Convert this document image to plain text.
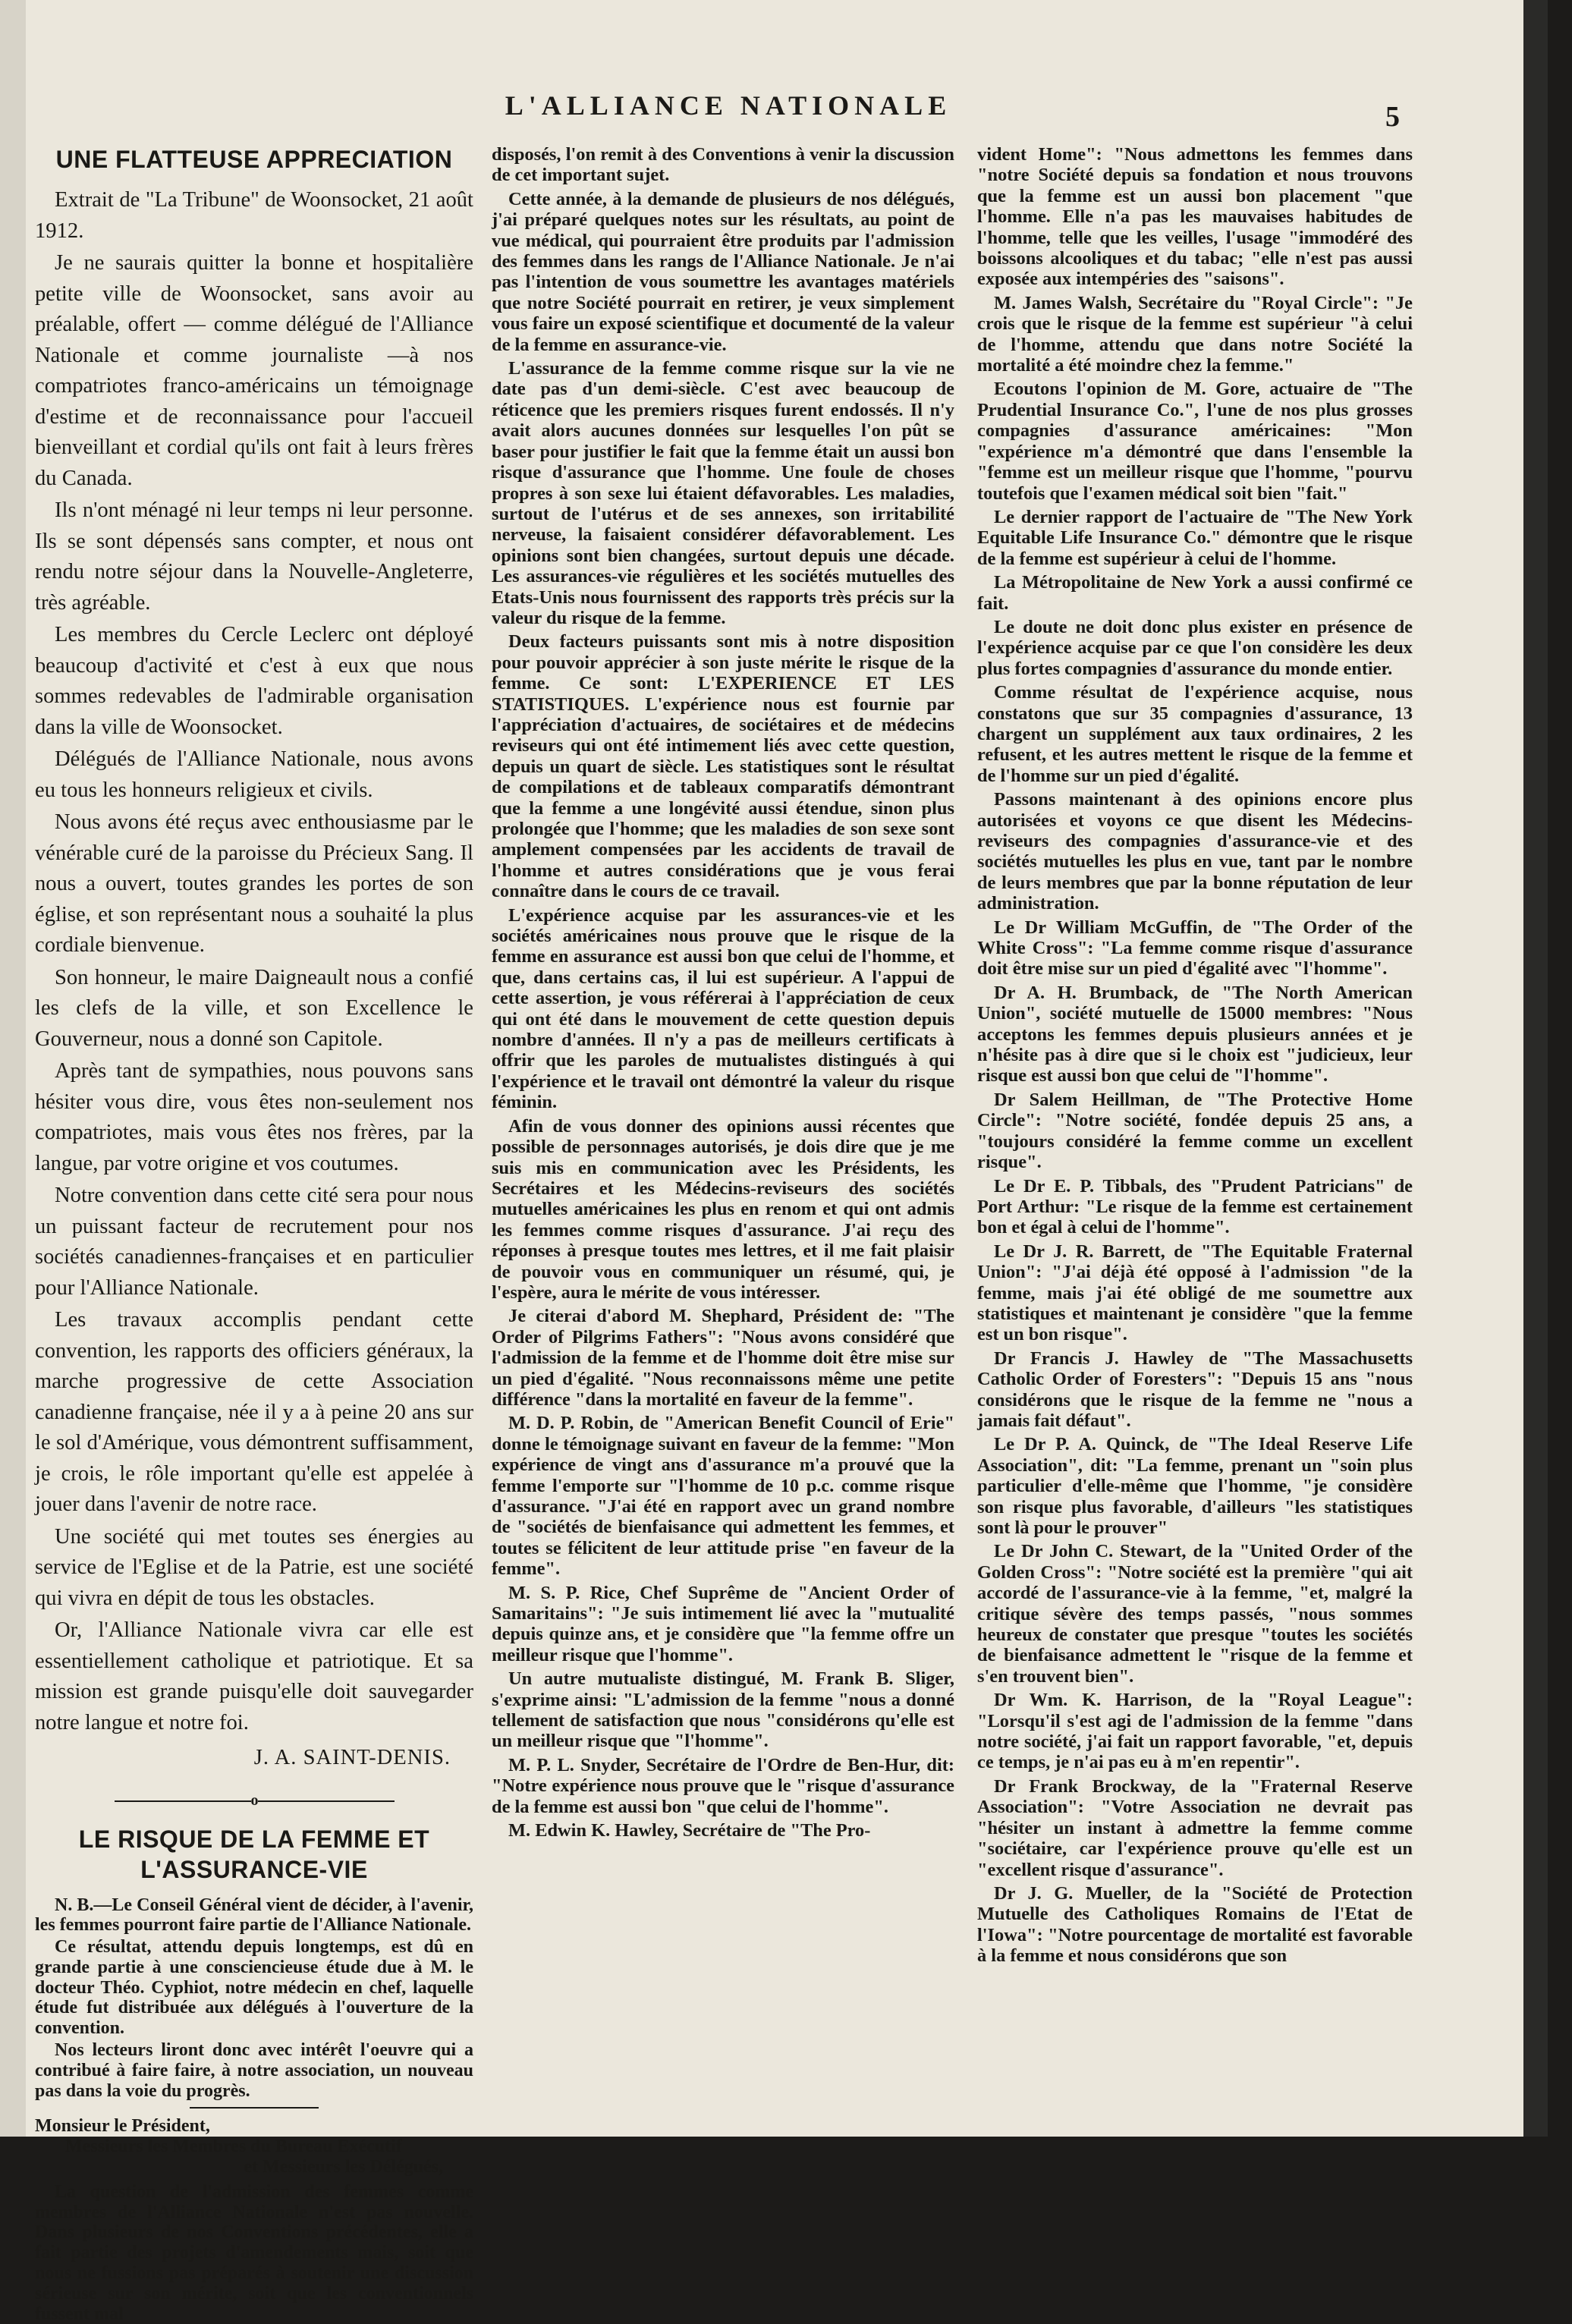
L'ALLIANCE NATIONALE	5
UNE FLATTEUSE APPRECIATION

Extrait de "La Tribune" de Woonsocket, 21 août 1912.

Je ne saurais quitter la bonne et hospitalière petite ville de Woonsocket, sans avoir au préalable, offert — comme délégué de l'Alliance Nationale et comme journaliste —à nos compatriotes franco-américains un témoignage d'estime et de reconnaissance pour l'accueil bienveillant et cordial qu'ils ont fait à leurs frères du Canada.

Ils n'ont ménagé ni leur temps ni leur personne. Ils se sont dépensés sans compter, et nous ont rendu notre séjour dans la Nouvelle-Angleterre, très agréable.

Les membres du Cercle Leclerc ont déployé beaucoup d'activité et c'est à eux que nous sommes redevables de l'admirable organisation dans la ville de Woonsocket.

Délégués de l'Alliance Nationale, nous avons eu tous les honneurs religieux et civils.

Nous avons été reçus avec enthousiasme par le vénérable curé de la paroisse du Précieux Sang. Il nous a ouvert, toutes grandes les portes de son église, et son représentant nous a souhaité la plus cordiale bienvenue.

Son honneur, le maire Daigneault nous a confié les clefs de la ville, et son Excellence le Gouverneur, nous a donné son Capitole.

Après tant de sympathies, nous pouvons sans hésiter vous dire, vous êtes non-seulement nos compatriotes, mais vous êtes nos frères, par la langue, par votre origine et vos coutumes.

Notre convention dans cette cité sera pour nous un puissant facteur de recrutement pour nos sociétés canadiennes-françaises et en particulier pour l'Alliance Nationale.

Les travaux accomplis pendant cette convention, les rapports des officiers généraux, la marche progressive de cette Association canadienne française, née il y a à peine 20 ans sur le sol d'Amérique, vous démontrent suffisamment, je crois, le rôle important qu'elle est appelée à jouer dans l'avenir de notre race.

Une société qui met toutes ses énergies au service de l'Eglise et de la Patrie, est une société qui vivra en dépit de tous les obstacles.

Or, l'Alliance Nationale vivra car elle est essentiellement catholique et patriotique. Et sa mission est grande puisqu'elle doit sauvegarder notre langue et notre foi.

J. A. SAINT-DENIS.

o
LE RISQUE DE LA FEMME ET L'ASSURANCE-VIE

N. B.—Le Conseil Général vient de décider, à l'avenir, les femmes pourront faire partie de l'Alliance Nationale.

Ce résultat, attendu depuis longtemps, est dû en grande partie à une consciencieuse étude due à M. le docteur Théo. Cyphiot, notre médecin en chef, laquelle étude fut distribuée aux délégués à l'ouverture de la convention.

Nos lecteurs liront donc avec intérêt l'oeuvre qui a contribué à faire faire, à notre association, un nouveau pas dans la voie du progrès.

Monsieur le Président,

Messieurs les Membres du Bureau Exécutif

et Messieurs les Délégués,

La question de l'admission des femmes comme membres de l'Alliance Nationale n'est pas nouvelle. Dans plusieurs de nos Conventions précédentes, elle a fait partie des projets d'amendements mais, soit que nous ne fussions pas préparés à soutenir une discussion sérieuse sur son mérite, soit que les conventionnels fussent mal

disposés, l'on remit à des Conventions à venir la discussion de cet important sujet.

Cette année, à la demande de plusieurs de nos délégués, j'ai préparé quelques notes sur les résultats, au point de vue médical, qui pourraient être produits par l'admission des femmes dans les rangs de l'Alliance Nationale. Je n'ai pas l'intention de vous soumettre les avantages matériels que notre Société pourrait en retirer, je veux simplement vous faire un exposé scientifique et documenté de la valeur de la femme en assurance-vie.

L'assurance de la femme comme risque sur la vie ne date pas d'un demi-siècle. C'est avec beaucoup de réticence que les premiers risques furent endossés. Il n'y avait alors aucunes données sur lesquelles l'on pût se baser pour justifier le fait que la femme était un aussi bon risque d'assurance que l'homme. Une foule de choses propres à son sexe lui étaient défavorables. Les maladies, surtout de l'utérus et de ses annexes, son irritabilité nerveuse, la faisaient considérer défavorablement. Les opinions sont bien changées, surtout depuis une décade. Les assurances-vie régulières et les sociétés mutuelles des Etats-Unis nous fournissent des rapports très précis sur la valeur du risque de la femme.

Deux facteurs puissants sont mis à notre disposition pour pouvoir apprécier à son juste mérite le risque de la femme. Ce sont: L'EXPERIENCE ET LES STATISTIQUES. L'expérience nous est fournie par l'appréciation d'actuaires, de sociétaires et de médecins reviseurs qui ont été intimement liés avec cette question, depuis un quart de siècle. Les statistiques sont le résultat de compilations et de tableaux comparatifs démontrant que la femme a une longévité aussi étendue, sinon plus prolongée que l'homme; que les maladies de son sexe sont amplement compensées par les accidents de travail de l'homme et autres considérations que je vous ferai connaître dans le cours de ce travail.

L'expérience acquise par les assurances-vie et les sociétés américaines nous prouve que le risque de la femme en assurance est aussi bon que celui de l'homme, et que, dans certains cas, il lui est supérieur. A l'appui de cette assertion, je vous référerai à l'appréciation de ceux qui ont été dans le mouvement de cette question depuis nombre d'années. Il n'y a pas de meilleurs certificats à offrir que les paroles de mutualistes distingués à qui l'expérience et le travail ont démontré la valeur du risque féminin.

Afin de vous donner des opinions aussi récentes que possible de personnages autorisés, je dois dire que je me suis mis en communication avec les Présidents, les Secrétaires et les Médecins-reviseurs des sociétés mutuelles américaines les plus en renom et qui ont admis les femmes comme risques d'assurance. J'ai reçu des réponses à presque toutes mes lettres, et il me fait plaisir de pouvoir vous en communiquer un résumé, qui, je l'espère, aura le mérite de vous intéresser.

Je citerai d'abord M. Shephard, Président de: "The Order of Pilgrims Fathers": "Nous avons considéré que l'admission de la femme et de l'homme doit être mise sur un pied d'égalité. "Nous reconnaissons même une petite différence "dans la mortalité en faveur de la femme".

M. D. P. Robin, de "American Benefit Council of Erie" donne le témoignage suivant en faveur de la femme: "Mon expérience de vingt ans d'assurance m'a prouvé que la femme l'emporte sur "l'homme de 10 p.c. comme risque d'assurance. "J'ai été en rapport avec un grand nombre de "sociétés de bienfaisance qui admettent les femmes, et toutes se félicitent de leur attitude prise "en faveur de la femme".

M. S. P. Rice, Chef Suprême de "Ancient Order of Samaritains": "Je suis intimement lié avec la "mutualité depuis quinze ans, et je considère que "la femme offre un meilleur risque que l'homme".

Un autre mutualiste distingué, M. Frank B. Sliger, s'exprime ainsi: "L'admission de la femme "nous a donné tellement de satisfaction que nous "considérons qu'elle est un meilleur risque que "l'homme".

M. P. L. Snyder, Secrétaire de l'Ordre de Ben-Hur, dit: "Notre expérience nous prouve que le "risque d'assurance de la femme est aussi bon "que celui de l'homme".

M. Edwin K. Hawley, Secrétaire de "The Pro-

vident Home": "Nous admettons les femmes dans "notre Société depuis sa fondation et nous trouvons que la femme est un aussi bon placement "que l'homme. Elle n'a pas les mauvaises habitudes de l'homme, telle que les veilles, l'usage "immodéré des boissons alcooliques et du tabac; "elle n'est pas aussi exposée aux intempéries des "saisons".

M. James Walsh, Secrétaire du "Royal Circle": "Je crois que le risque de la femme est supérieur "à celui de l'homme, attendu que dans notre Société la mortalité a été moindre chez la femme."

Ecoutons l'opinion de M. Gore, actuaire de "The Prudential Insurance Co.", l'une de nos plus grosses compagnies d'assurance américaines: "Mon "expérience m'a démontré que dans l'ensemble la "femme est un meilleur risque que l'homme, "pourvu toutefois que l'examen médical soit bien "fait."

Le dernier rapport de l'actuaire de "The New York Equitable Life Insurance Co." démontre que le risque de la femme est supérieur à celui de l'homme.

La Métropolitaine de New York a aussi confirmé ce fait.

Le doute ne doit donc plus exister en présence de l'expérience acquise par ce que l'on considère les deux plus fortes compagnies d'assurance du monde entier.

Comme résultat de l'expérience acquise, nous constatons que sur 35 compagnies d'assurance, 13 chargent un supplément aux taux ordinaires, 2 les refusent, et les autres mettent le risque de la femme et de l'homme sur un pied d'égalité.

Passons maintenant à des opinions encore plus autorisées et voyons ce que disent les Médecins-reviseurs des compagnies d'assurance-vie et des sociétés mutuelles les plus en vue, tant par le nombre de leurs membres que par la bonne réputation de leur administration.

Le Dr William McGuffin, de "The Order of the White Cross": "La femme comme risque d'assurance doit être mise sur un pied d'égalité avec "l'homme".

Dr A. H. Brumback, de "The North American Union", société mutuelle de 15000 membres: "Nous acceptons les femmes depuis plusieurs années et je n'hésite pas à dire que si le choix est "judicieux, leur risque est aussi bon que celui de "l'homme".

Dr Salem Heillman, de "The Protective Home Circle": "Notre société, fondée depuis 25 ans, a "toujours considéré la femme comme un excellent risque".

Le Dr E. P. Tibbals, des "Prudent Patricians" de Port Arthur: "Le risque de la femme est certainement bon et égal à celui de l'homme".

Le Dr J. R. Barrett, de "The Equitable Fraternal Union": "J'ai déjà été opposé à l'admission "de la femme, mais j'ai été obligé de me soumettre aux statistiques et maintenant je considère "que la femme est un bon risque".

Dr Francis J. Hawley de "The Massachusetts Catholic Order of Foresters": "Depuis 15 ans "nous considérons que le risque de la femme ne "nous a jamais fait défaut".

Le Dr P. A. Quinck, de "The Ideal Reserve Life Association", dit: "La femme, prenant un "soin plus particulier d'elle-même que l'homme, "je considère son risque plus favorable, d'ailleurs "les statistiques sont là pour le prouver"

Le Dr John C. Stewart, de la "United Order of the Golden Cross": "Notre société est la première "qui ait accordé de l'assurance-vie à la femme, "et, malgré la critique sévère des temps passés, "nous sommes heureux de constater que presque "toutes les sociétés de bienfaisance admettent le "risque de la femme et s'en trouvent bien".

Dr Wm. K. Harrison, de la "Royal League": "Lorsqu'il s'est agi de l'admission de la femme "dans notre société, j'ai fait un rapport favorable, "et, depuis ce temps, je n'ai pas eu à m'en repentir".

Dr Frank Brockway, de la "Fraternal Reserve Association": "Votre Association ne devrait pas "hésiter un instant à admettre la femme comme "sociétaire, car l'expérience prouve qu'elle est un "excellent risque d'assurance".

Dr J. G. Mueller, de la "Société de Protection Mutuelle des Catholiques Romains de l'Etat de l'Iowa": "Notre pourcentage de mortalité est favorable à la femme et nous considérons que son
